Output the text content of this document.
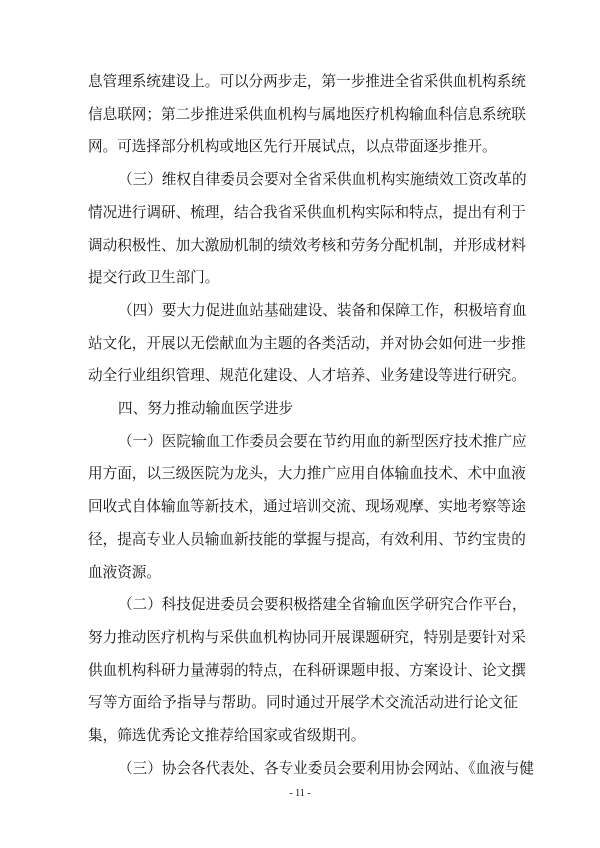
息管理系统建设上。可以分两步走，第一步推进全省采供血机构系统
信息联网；第二步推进采供血机构与属地医疗机构输血科信息系统联
网。可选择部分机构或地区先行开展试点，以点带面逐步推开。
（三）维权自律委员会要对全省采供血机构实施绩效工资改革的
情况进行调研、梳理，结合我省采供血机构实际和特点，提出有利于
调动积极性、加大激励机制的绩效考核和劳务分配机制，并形成材料
提交行政卫生部门。
（四）要大力促进血站基础建设、装备和保障工作，积极培育血
站文化，开展以无偿献血为主题的各类活动，并对协会如何进一步推
动全行业组织管理、规范化建设、人才培养、业务建设等进行研究。
四、努力推动输血医学进步
（一）医院输血工作委员会要在节约用血的新型医疗技术推广应
用方面，以三级医院为龙头，大力推广应用自体输血技术、术中血液
回收式自体输血等新技术，通过培训交流、现场观摩、实地考察等途
径，提高专业人员输血新技能的掌握与提高，有效利用、节约宝贵的
血液资源。
（二）科技促进委员会要积极搭建全省输血医学研究合作平台，
努力推动医疗机构与采供血机构协同开展课题研究，特别是要针对采
供血机构科研力量薄弱的特点，在科研课题申报、方案设计、论文撰
写等方面给予指导与帮助。同时通过开展学术交流活动进行论文征
集，筛选优秀论文推荐给国家或省级期刊。
（三）协会各代表处、各专业委员会要利用协会网站、《血液与健
- 11 -
